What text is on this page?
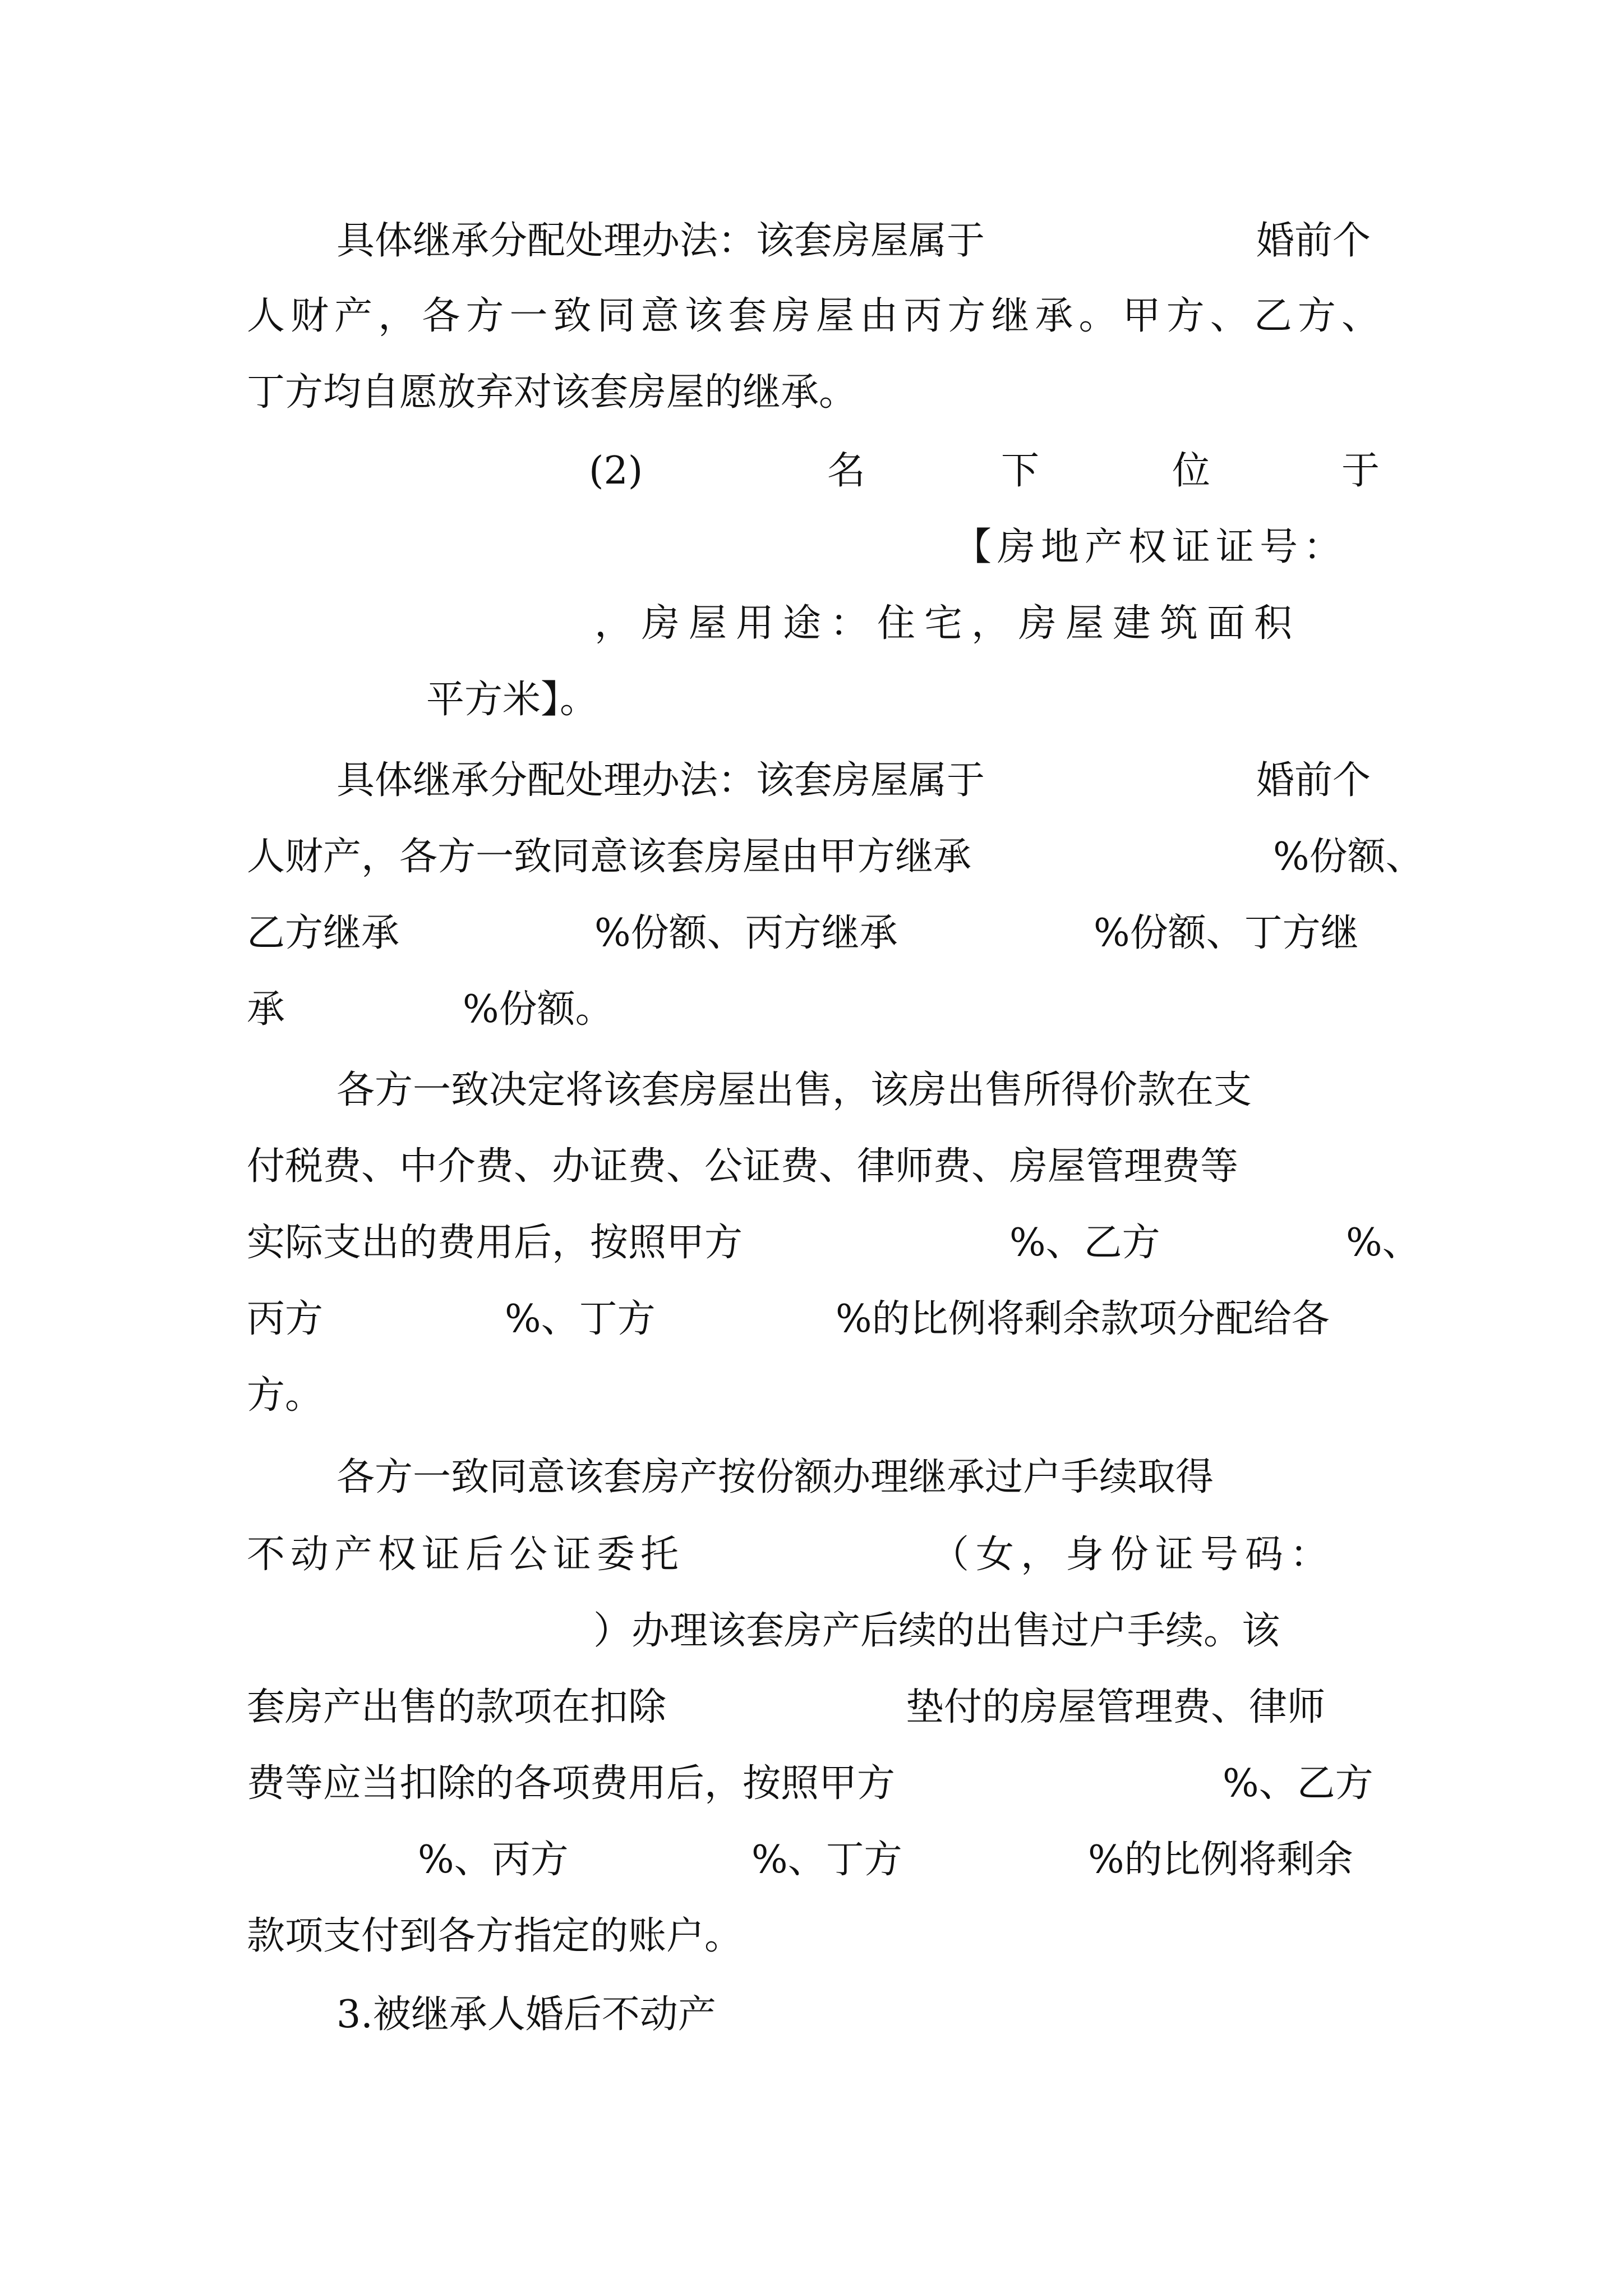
具体继承分配处理办法：该套房屋属于	婚前个
人财产，各方一致同意该套房屋由丙方继承。甲方、乙方、
丁方均自愿放弃对该套房屋的继承。
(2)	名	下	位	于
【房地产权证证号：
，房屋用途：住宅，房屋建筑面积
平方米】。
具体继承分配处理办法：该套房屋属于	婚前个
人财产，各方一致同意该套房屋由甲方继承	%份额、
乙方继承	%份额、丙方继承	%份额、丁方继
承	%份额。
各方一致决定将该套房屋出售，该房出售所得价款在支
付税费、中介费、办证费、公证费、律师费、房屋管理费等
实际支出的费用后，按照甲方	%、乙方	%、
丙方	%、丁方	%的比例将剩余款项分配给各
方。
各方一致同意该套房产按份额办理继承过户手续取得
不动产权证后公证委托	（女，身份证号码：
）办理该套房产后续的出售过户手续。该
套房产出售的款项在扣除	垫付的房屋管理费、律师
费等应当扣除的各项费用后，按照甲方	%、乙方
%、丙方	%、丁方	%的比例将剩余
款项支付到各方指定的账户。
3.被继承人婚后不动产
